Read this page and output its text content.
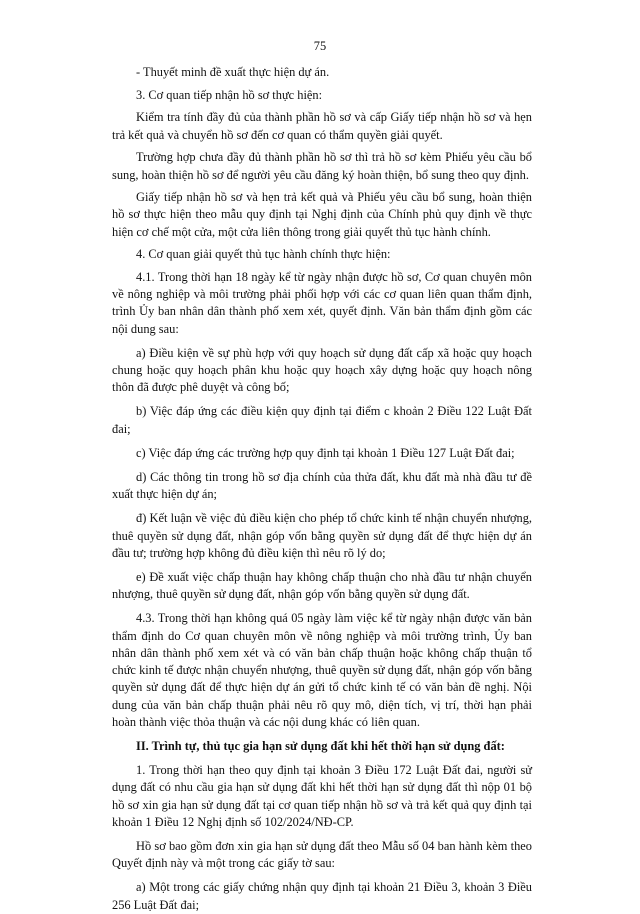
75

- Thuyết minh đề xuất thực hiện dự án.

3. Cơ quan tiếp nhận hồ sơ thực hiện:

Kiểm tra tính đầy đủ của thành phần hồ sơ và cấp Giấy tiếp nhận hồ sơ và hẹn trả kết quả và chuyển hồ sơ đến cơ quan có thẩm quyền giải quyết.

Trường hợp chưa đầy đủ thành phần hồ sơ thì trả hồ sơ kèm Phiếu yêu cầu bổ sung, hoàn thiện hồ sơ để người yêu cầu đăng ký hoàn thiện, bổ sung theo quy định.

Giấy tiếp nhận hồ sơ và hẹn trả kết quả và Phiếu yêu cầu bổ sung, hoàn thiện hồ sơ thực hiện theo mẫu quy định tại Nghị định của Chính phủ quy định về thực hiện cơ chế một cửa, một cửa liên thông trong giải quyết thủ tục hành chính.

4. Cơ quan giải quyết thủ tục hành chính thực hiện:

4.1. Trong thời hạn 18 ngày kể từ ngày nhận được hồ sơ, Cơ quan chuyên môn về nông nghiệp và môi trường phải phối hợp với các cơ quan liên quan thẩm định, trình Ủy ban nhân dân thành phố xem xét, quyết định. Văn bản thẩm định gồm các nội dung sau:

a) Điều kiện về sự phù hợp với quy hoạch sử dụng đất cấp xã hoặc quy hoạch chung hoặc quy hoạch phân khu hoặc quy hoạch xây dựng hoặc quy hoạch nông thôn đã được phê duyệt và công bố;

b) Việc đáp ứng các điều kiện quy định tại điểm c khoản 2 Điều 122 Luật Đất đai;

c) Việc đáp ứng các trường hợp quy định tại khoản 1 Điều 127 Luật Đất đai;

d) Các thông tin trong hồ sơ địa chính của thửa đất, khu đất mà nhà đầu tư đề xuất thực hiện dự án;

đ) Kết luận về việc đủ điều kiện cho phép tổ chức kinh tế nhận chuyển nhượng, thuê quyền sử dụng đất, nhận góp vốn bằng quyền sử dụng đất để thực hiện dự án đầu tư; trường hợp không đủ điều kiện thì nêu rõ lý do;

e) Đề xuất việc chấp thuận hay không chấp thuận cho nhà đầu tư nhận chuyển nhượng, thuê quyền sử dụng đất, nhận góp vốn bằng quyền sử dụng đất.

4.3. Trong thời hạn không quá 05 ngày làm việc kể từ ngày nhận được văn bản thẩm định do Cơ quan chuyên môn về nông nghiệp và môi trường trình, Ủy ban nhân dân thành phố xem xét và có văn bản chấp thuận hoặc không chấp thuận tổ chức kinh tế được nhận chuyển nhượng, thuê quyền sử dụng đất, nhận góp vốn bằng quyền sử dụng đất để thực hiện dự án gửi tổ chức kinh tế có văn bản đề nghị. Nội dung của văn bản chấp thuận phải nêu rõ quy mô, diện tích, vị trí, thời hạn phải hoàn thành việc thỏa thuận và các nội dung khác có liên quan.

II. Trình tự, thủ tục gia hạn sử dụng đất khi hết thời hạn sử dụng đất:

1. Trong thời hạn theo quy định tại khoản 3 Điều 172 Luật Đất đai, người sử dụng đất có nhu cầu gia hạn sử dụng đất khi hết thời hạn sử dụng đất thì nộp 01 bộ hồ sơ xin gia hạn sử dụng đất tại cơ quan tiếp nhận hồ sơ và trả kết quả quy định tại khoản 1 Điều 12 Nghị định số 102/2024/NĐ-CP.

Hồ sơ bao gồm đơn xin gia hạn sử dụng đất theo Mẫu số 04 ban hành kèm theo Quyết định này và một trong các giấy tờ sau:

a) Một trong các giấy chứng nhận quy định tại khoản 21 Điều 3, khoản 3 Điều 256 Luật Đất đai;
